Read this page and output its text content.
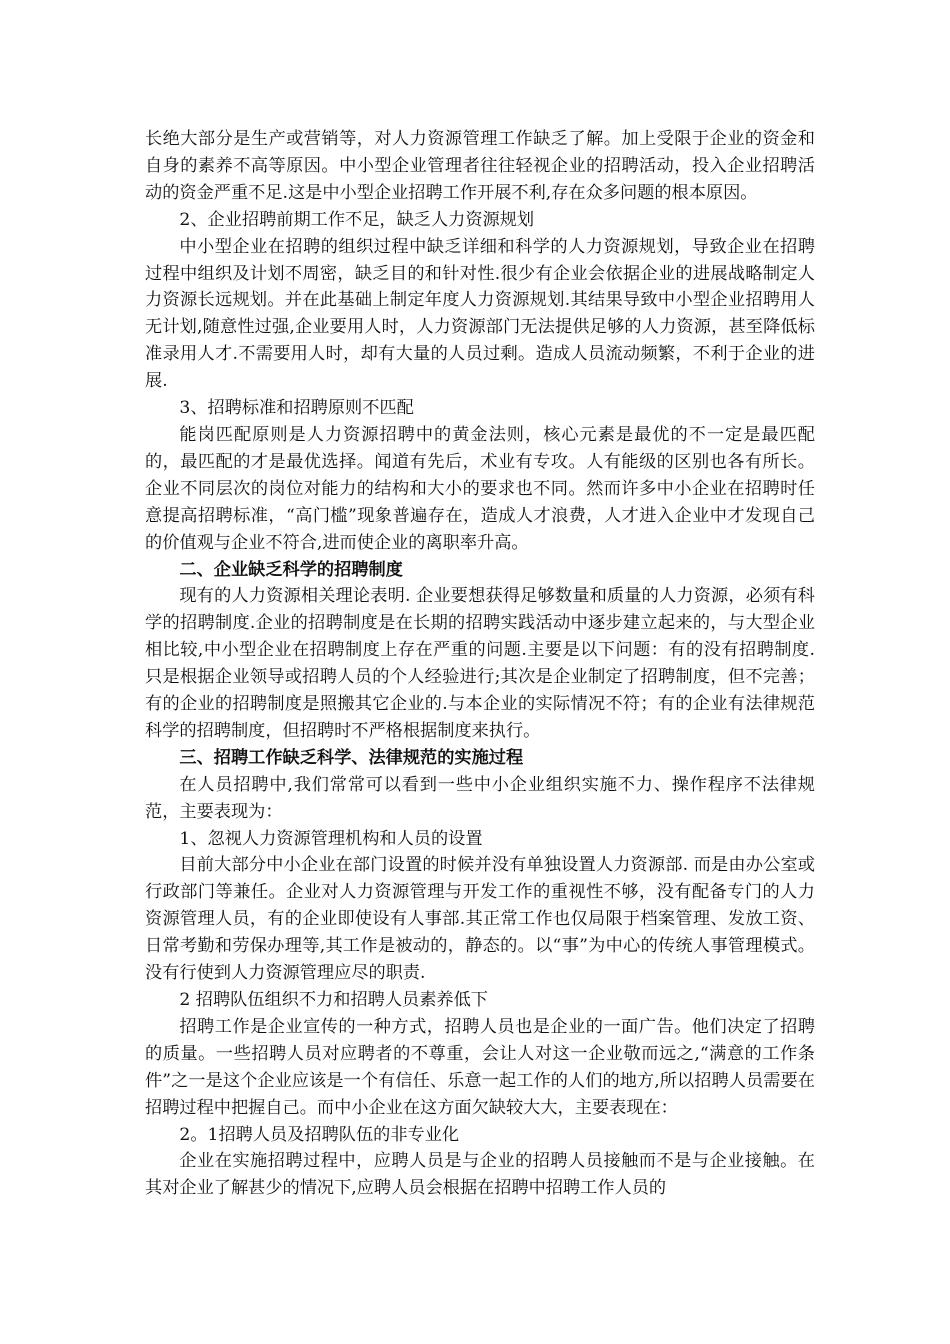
长绝大部分是生产或营销等，对人力资源管理工作缺乏了解。加上受限于企业的资金和自身的素养不高等原因。中小型企业管理者往往轻视企业的招聘活动，投入企业招聘活动的资金严重不足.这是中小型企业招聘工作开展不利,存在众多问题的根本原因。

2、企业招聘前期工作不足，缺乏人力资源规划

中小型企业在招聘的组织过程中缺乏详细和科学的人力资源规划，导致企业在招聘过程中组织及计划不周密，缺乏目的和针对性.很少有企业会依据企业的进展战略制定人力资源长远规划。并在此基础上制定年度人力资源规划.其结果导致中小型企业招聘用人无计划,随意性过强,企业要用人时，人力资源部门无法提供足够的人力资源，甚至降低标准录用人才.不需要用人时，却有大量的人员过剩。造成人员流动频繁，不利于企业的进展.

3、招聘标准和招聘原则不匹配

能岗匹配原则是人力资源招聘中的黄金法则，核心元素是最优的不一定是最匹配的，最匹配的才是最优选择。闻道有先后，术业有专攻。人有能级的区别也各有所长。企业不同层次的岗位对能力的结构和大小的要求也不同。然而许多中小企业在招聘时任意提高招聘标准，“高门槛”现象普遍存在，造成人才浪费，人才进入企业中才发现自己的价值观与企业不符合,进而使企业的离职率升高。

二、企业缺乏科学的招聘制度

现有的人力资源相关理论表明. 企业要想获得足够数量和质量的人力资源，必须有科学的招聘制度.企业的招聘制度是在长期的招聘实践活动中逐步建立起来的，与大型企业相比较,中小型企业在招聘制度上存在严重的问题.主要是以下问题：有的没有招聘制度. 只是根据企业领导或招聘人员的个人经验进行;其次是企业制定了招聘制度，但不完善；有的企业的招聘制度是照搬其它企业的.与本企业的实际情况不符；有的企业有法律规范科学的招聘制度，但招聘时不严格根据制度来执行。

三、招聘工作缺乏科学、法律规范的实施过程

在人员招聘中,我们常常可以看到一些中小企业组织实施不力、操作程序不法律规范，主要表现为：

1、忽视人力资源管理机构和人员的设置

目前大部分中小企业在部门设置的时候并没有单独设置人力资源部. 而是由办公室或行政部门等兼任。企业对人力资源管理与开发工作的重视性不够，没有配备专门的人力资源管理人员，有的企业即使设有人事部.其正常工作也仅局限于档案管理、发放工资、日常考勤和劳保办理等,其工作是被动的，静态的。以“事”为中心的传统人事管理模式。没有行使到人力资源管理应尽的职责.

2 招聘队伍组织不力和招聘人员素养低下

招聘工作是企业宣传的一种方式，招聘人员也是企业的一面广告。他们决定了招聘的质量。一些招聘人员对应聘者的不尊重，会让人对这一企业敬而远之,“满意的工作条件”之一是这个企业应该是一个有信任、乐意一起工作的人们的地方,所以招聘人员需要在招聘过程中把握自己。而中小企业在这方面欠缺较大大，主要表现在：

2。1招聘人员及招聘队伍的非专业化

企业在实施招聘过程中，应聘人员是与企业的招聘人员接触而不是与企业接触。在其对企业了解甚少的情况下,应聘人员会根据在招聘中招聘工作人员的
